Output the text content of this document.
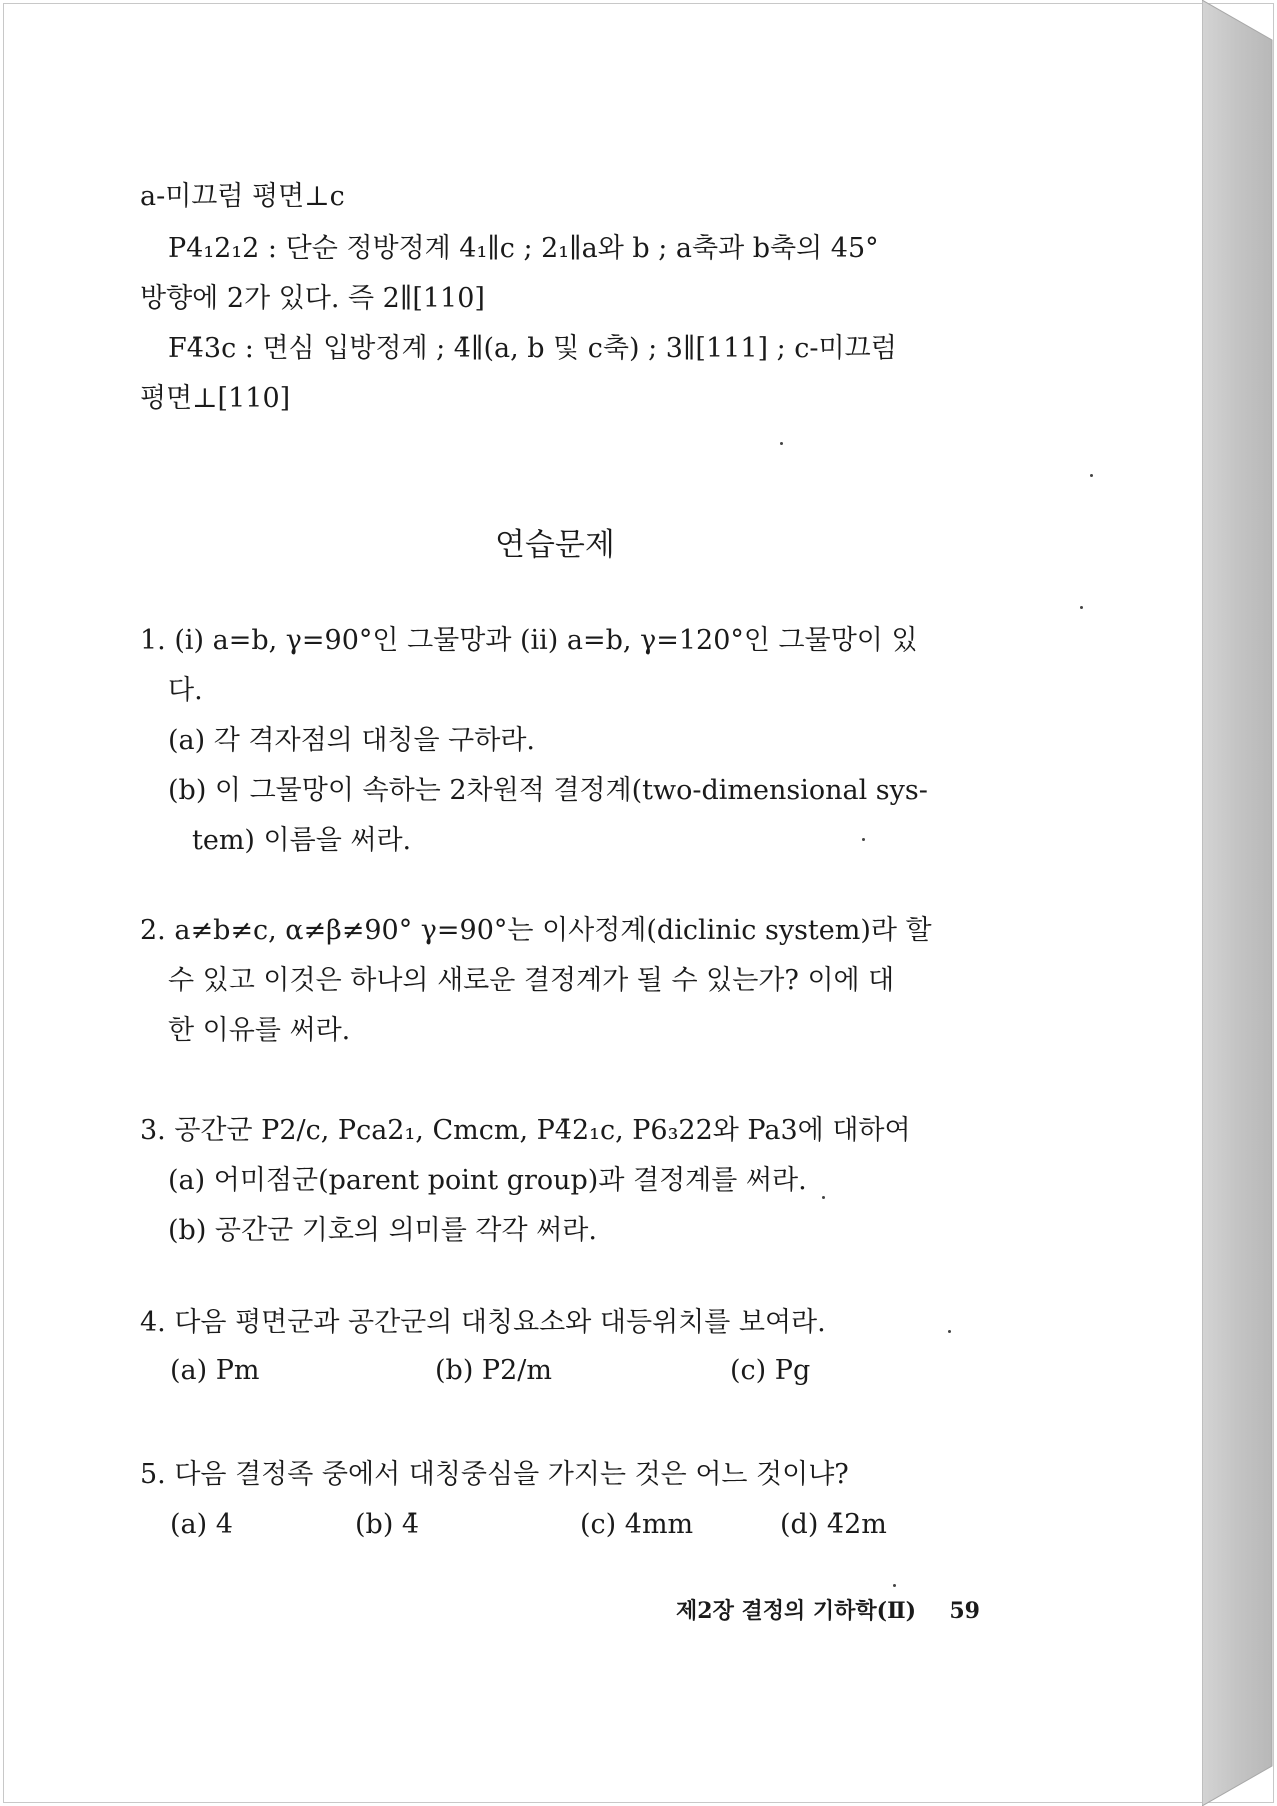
a-미끄럼 평면⊥c
P4₁2₁2 : 단순 정방정계 4₁∥c ; 2₁∥a와 b ; a축과 b축의 45°
방향에 2가 있다. 즉 2∥[110]
F4̄3c : 면심 입방정계 ; 4̄∥(a, b 및 c축) ; 3∥[111] ; c-미끄럼
평면⊥[110]
연습문제
1. (i) a=b, γ=90°인 그물망과 (ii) a=b, γ=120°인 그물망이 있
다.
(a) 각 격자점의 대칭을 구하라.
(b) 이 그물망이 속하는 2차원적 결정계(two-dimensional sys-
tem) 이름을 써라.
2. a≠b≠c, α≠β≠90° γ=90°는 이사정계(diclinic system)라 할
수 있고 이것은 하나의 새로운 결정계가 될 수 있는가? 이에 대
한 이유를 써라.
3. 공간군 P2/c, Pca2₁, Cmcm, P4̄2₁c, P6₃22와 Pa3에 대하여
(a) 어미점군(parent point group)과 결정계를 써라.
(b) 공간군 기호의 의미를 각각 써라.
4. 다음 평면군과 공간군의 대칭요소와 대등위치를 보여라.
(a) Pm	(b) P2/m	(c) Pg
5. 다음 결정족 중에서 대칭중심을 가지는 것은 어느 것이냐?
(a) 4	(b) 4̄	(c) 4mm	(d) 4̄2m
제2장 결정의 기하학(Ⅱ) 59
